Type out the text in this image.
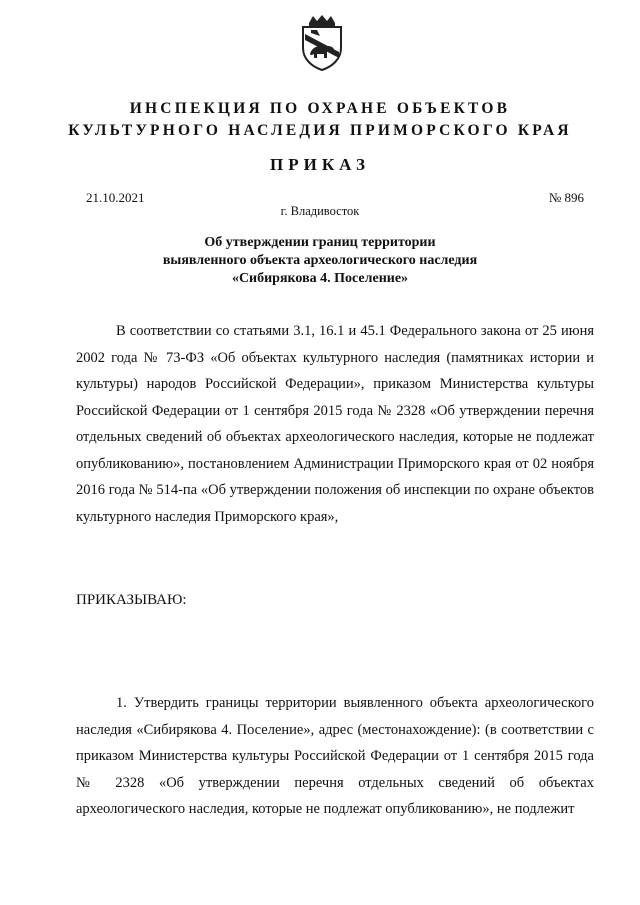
ИНСПЕКЦИЯ ПО ОХРАНЕ ОБЪЕКТОВ
КУЛЬТУРНОГО НАСЛЕДИЯ ПРИМОРСКОГО КРАЯ
ПРИКАЗ
21.10.2021	№ 896
г. Владивосток
Об утверждении границ территории
выявленного объекта археологического наследия
«Сибирякова 4. Поселение»

В соответствии со статьями 3.1, 16.1 и 45.1 Федерального закона от 25 июня 2002 года № 73-ФЗ «Об объектах культурного наследия (памятниках истории и культуры) народов Российской Федерации», приказом Министерства культуры Российской Федерации от 1 сентября 2015 года № 2328 «Об утверждении перечня отдельных сведений об объектах археологического наследия, которые не подлежат опубликованию», постановлением Администрации Приморского края от 02 ноября 2016 года № 514-па «Об утверждении положения об инспекции по охране объектов культурного наследия Приморского края»,

ПРИКАЗЫВАЮ:

1. Утвердить границы территории выявленного объекта археологического наследия «Сибирякова 4. Поселение», адрес (местонахождение): (в соответствии с приказом Министерства культуры Российской Федерации от 1 сентября 2015 года № 2328 «Об утверждении перечня отдельных сведений об объектах археологического наследия, которые не подлежат опубликованию», не подлежит
